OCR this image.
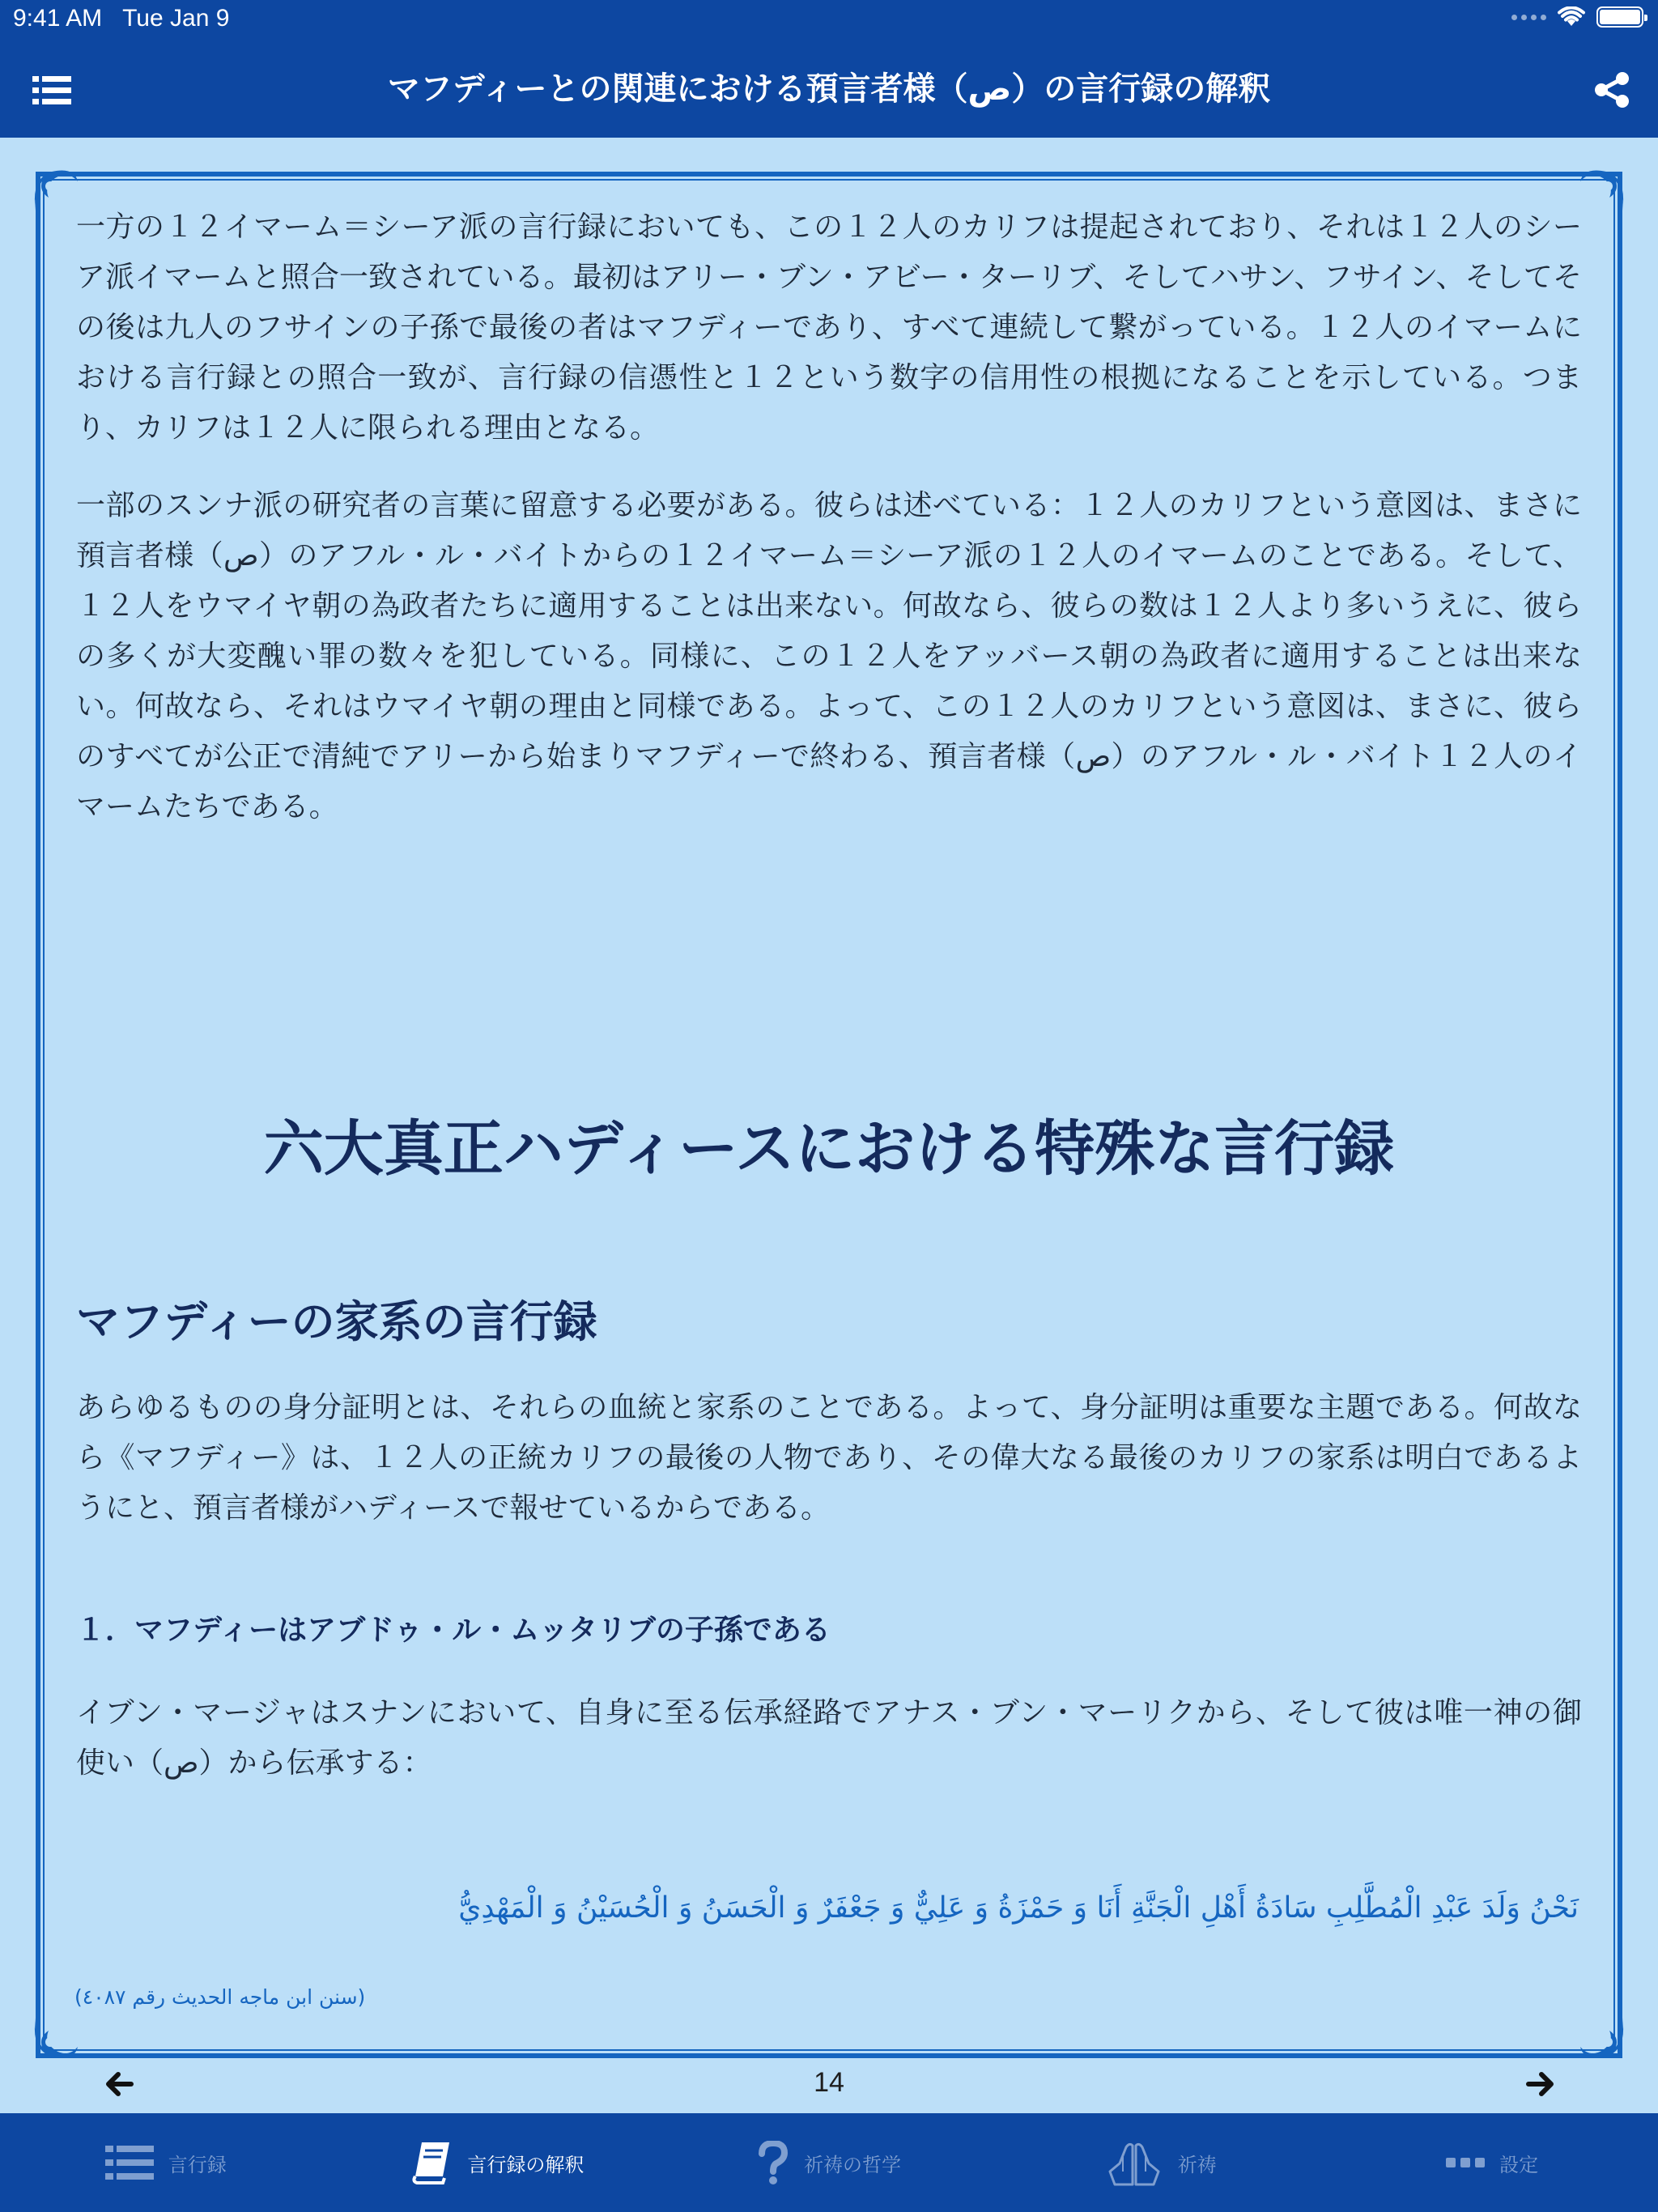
9:41 AM Tue Jan 9
マフディーとの関連における預言者様（ص）の言行録の解釈

一方の１２イマーム＝シーア派の言行録においても、この１２人のカリフは提起されており、それは１２人のシーア派イマームと照合一致されている。最初はアリー・ブン・アビー・ターリブ、そしてハサン、フサイン、そしてその後は九人のフサインの子孫で最後の者はマフディーであり、すべて連続して繋がっている。１２人のイマームにおける言行録との照合一致が、言行録の信憑性と１２という数字の信用性の根拠になることを示している。つまり、カリフは１２人に限られる理由となる。

一部のスンナ派の研究者の言葉に留意する必要がある。彼らは述べている：１２人のカリフという意図は、まさに預言者様（ص）のアフル・ル・バイトからの１２イマーム＝シーア派の１２人のイマームのことである。そして、１２人をウマイヤ朝の為政者たちに適用することは出来ない。何故なら、彼らの数は１２人より多いうえに、彼らの多くが大変醜い罪の数々を犯している。同様に、この１２人をアッバース朝の為政者に適用することは出来ない。何故なら、それはウマイヤ朝の理由と同様である。よって、この１２人のカリフという意図は、まさに、彼らのすべてが公正で清純でアリーから始まりマフディーで終わる、預言者様（ص）のアフル・ル・バイト１２人のイマームたちである。

六大真正ハディースにおける特殊な言行録
マフディーの家系の言行録

あらゆるものの身分証明とは、それらの血統と家系のことである。よって、身分証明は重要な主題である。何故なら《マフディー》は、１２人の正統カリフの最後の人物であり、その偉大なる最後のカリフの家系は明白であるようにと、預言者様がハディースで報せているからである。

１．マフディーはアブドゥ・ル・ムッタリブの子孫である

イブン・マージャはスナンにおいて、自身に至る伝承経路でアナス・ブン・マーリクから、そして彼は唯一神の御使い（ص）から伝承する：

نَحْنُ وَلَدَ عَبْدِ الْمُطَّلِبِ سَادَةُ أَهْلِ الْجَنَّةِ أَنَا وَ حَمْزَةُ وَ عَلِيٌّ وَ جَعْفَرٌ وَ الْحَسَنُ وَ الْحُسَيْنُ وَ الْمَهْدِيُّ
(سنن ابن ماجه الحديث رقم ٤٠٨٧)
14
言行録	言行録の解釈	祈祷の哲学	祈祷	設定
